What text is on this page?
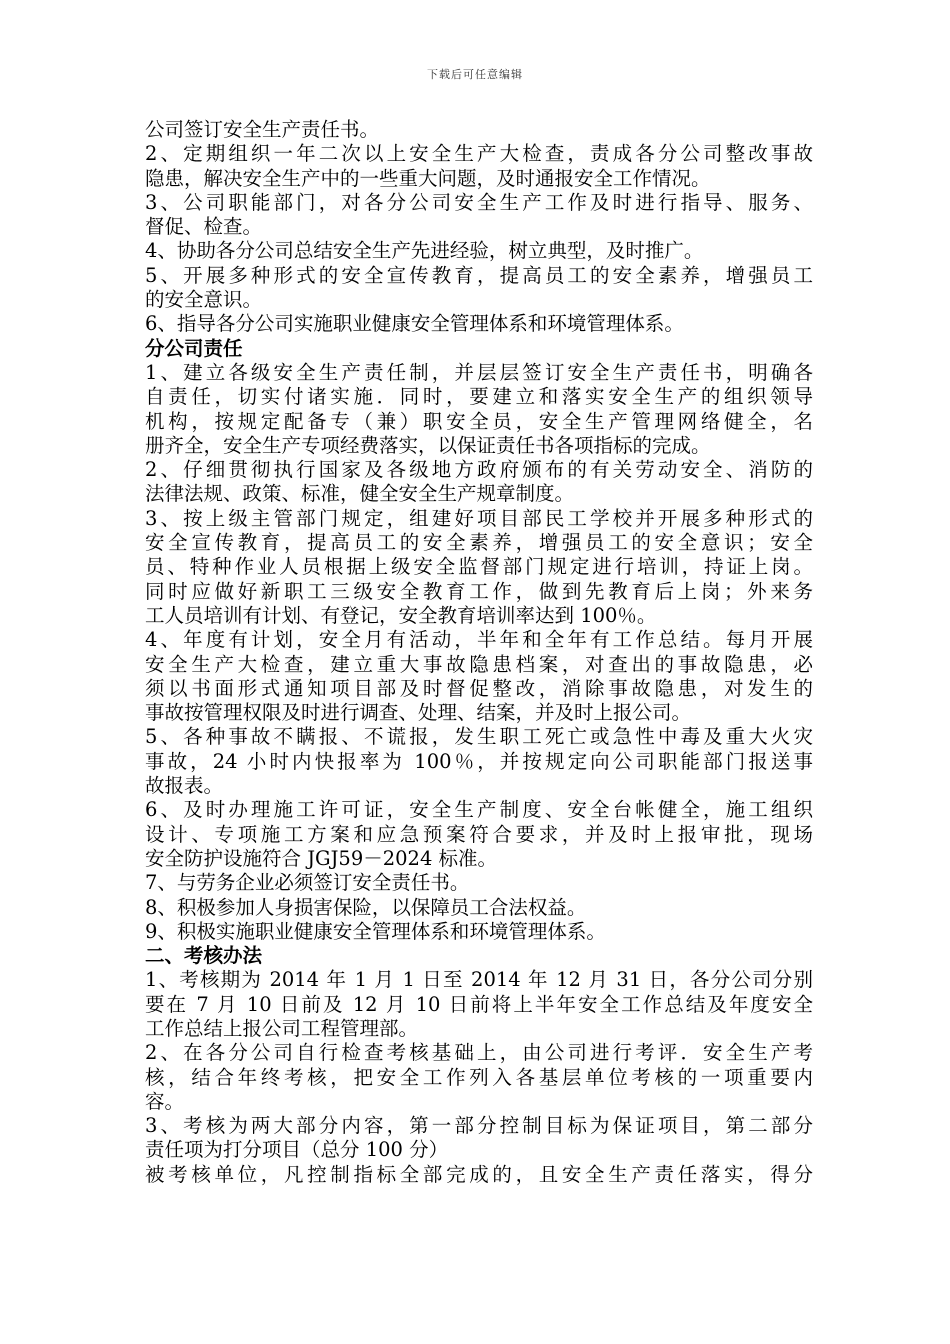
下载后可任意编辑
公司签订安全生产责任书。
2、定期组织一年二次以上安全生产大检查，责成各分公司整改事故
隐患，解决安全生产中的一些重大问题，及时通报安全工作情况。
3、公司职能部门，对各分公司安全生产工作及时进行指导、服务、
督促、检查。
4、协助各分公司总结安全生产先进经验，树立典型，及时推广。
5、开展多种形式的安全宣传教育，提高员工的安全素养，增强员工
的安全意识。
6、指导各分公司实施职业健康安全管理体系和环境管理体系。
分公司责任
1、建立各级安全生产责任制，并层层签订安全生产责任书，明确各
自责任，切实付诸实施．同时，要建立和落实安全生产的组织领导
机构，按规定配备专（兼）职安全员，安全生产管理网络健全，名
册齐全，安全生产专项经费落实，以保证责任书各项指标的完成。
2、仔细贯彻执行国家及各级地方政府颁布的有关劳动安全、消防的
法律法规、政策、标准，健全安全生产规章制度。
3、按上级主管部门规定，组建好项目部民工学校并开展多种形式的
安全宣传教育，提高员工的安全素养，增强员工的安全意识；安全
员、特种作业人员根据上级安全监督部门规定进行培训，持证上岗。
同时应做好新职工三级安全教育工作，做到先教育后上岗；外来务
工人员培训有计划、有登记，安全教育培训率达到 100％。
4、年度有计划，安全月有活动，半年和全年有工作总结。每月开展
安全生产大检查，建立重大事故隐患档案，对查出的事故隐患，必
须以书面形式通知项目部及时督促整改，消除事故隐患，对发生的
事故按管理权限及时进行调查、处理、结案，并及时上报公司。
5、各种事故不瞒报、不谎报，发生职工死亡或急性中毒及重大火灾
事故，24 小时内快报率为 100％，并按规定向公司职能部门报送事
故报表。
6、及时办理施工许可证，安全生产制度、安全台帐健全，施工组织
设计、专项施工方案和应急预案符合要求，并及时上报审批，现场
安全防护设施符合 JGJ59－2024 标准。
7、与劳务企业必须签订安全责任书。
8、积极参加人身损害保险，以保障员工合法权益。
9、积极实施职业健康安全管理体系和环境管理体系。
二、考核办法
1、考核期为 2014 年 1 月 1 日至 2014 年 12 月 31 日，各分公司分别
要在 7 月 10 日前及 12 月 10 日前将上半年安全工作总结及年度安全
工作总结上报公司工程管理部。
2、在各分公司自行检查考核基础上，由公司进行考评．安全生产考
核，结合年终考核，把安全工作列入各基层单位考核的一项重要内
容。
3、考核为两大部分内容，第一部分控制目标为保证项目，第二部分
责任项为打分项目（总分 100 分）
被考核单位，凡控制指标全部完成的，且安全生产责任落实，得分
